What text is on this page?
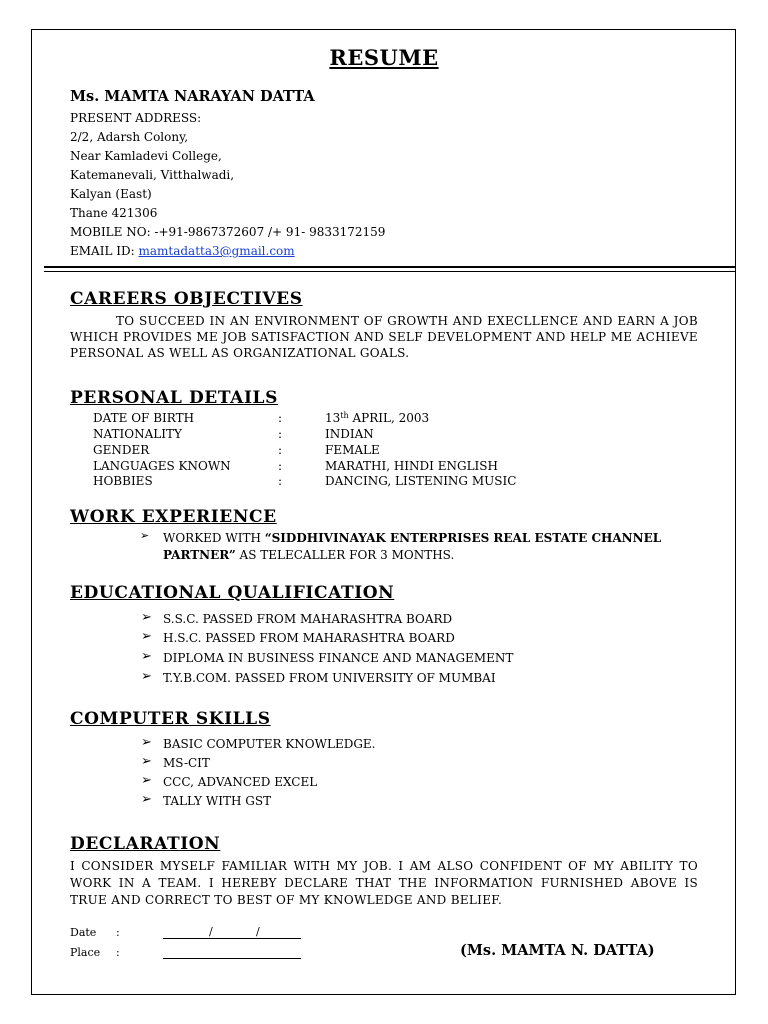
RESUME
Ms. MAMTA NARAYAN DATTA
PRESENT ADDRESS:
2/2, Adarsh Colony,
Near Kamladevi College,
Katemanevali, Vitthalwadi,
Kalyan (East)
Thane 421306
MOBILE NO: -+91-9867372607 /+ 91- 9833172159
EMAIL ID: mamtadatta3@gmail.com
CAREERS OBJECTIVES
TO SUCCEED IN AN ENVIRONMENT OF GROWTH AND EXECLLENCE AND EARN A JOB WHICH PROVIDES ME JOB SATISFACTION AND SELF DEVELOPMENT AND HELP ME ACHIEVE PERSONAL AS WELL AS ORGANIZATIONAL GOALS.
PERSONAL DETAILS
DATE OF BIRTH	:	13th APRIL, 2003
NATIONALITY	:	INDIAN
GENDER	:	FEMALE
LANGUAGES KNOWN	:	MARATHI, HINDI ENGLISH
HOBBIES	:	DANCING, LISTENING MUSIC
WORK EXPERIENCE
➢ WORKED WITH “SIDDHIVINAYAK ENTERPRISES REAL ESTATE CHANNEL PARTNER” AS TELECALLER FOR 3 MONTHS.
EDUCATIONAL QUALIFICATION
➢ S.S.C. PASSED FROM MAHARASHTRA BOARD
➢ H.S.C. PASSED FROM MAHARASHTRA BOARD
➢ DIPLOMA IN BUSINESS FINANCE AND MANAGEMENT
➢ T.Y.B.COM. PASSED FROM UNIVERSITY OF MUMBAI
COMPUTER SKILLS
➢ BASIC COMPUTER KNOWLEDGE.
➢ MS-CIT
➢ CCC, ADVANCED EXCEL
➢ TALLY WITH GST
DECLARATION
I CONSIDER MYSELF FAMILIAR WITH MY JOB. I AM ALSO CONFIDENT OF MY ABILITY TO WORK IN A TEAM. I HEREBY DECLARE THAT THE INFORMATION FURNISHED ABOVE IS TRUE AND CORRECT TO BEST OF MY KNOWLEDGE AND BELIEF.
Date :	/	/
Place :	(Ms. MAMTA N. DATTA)
